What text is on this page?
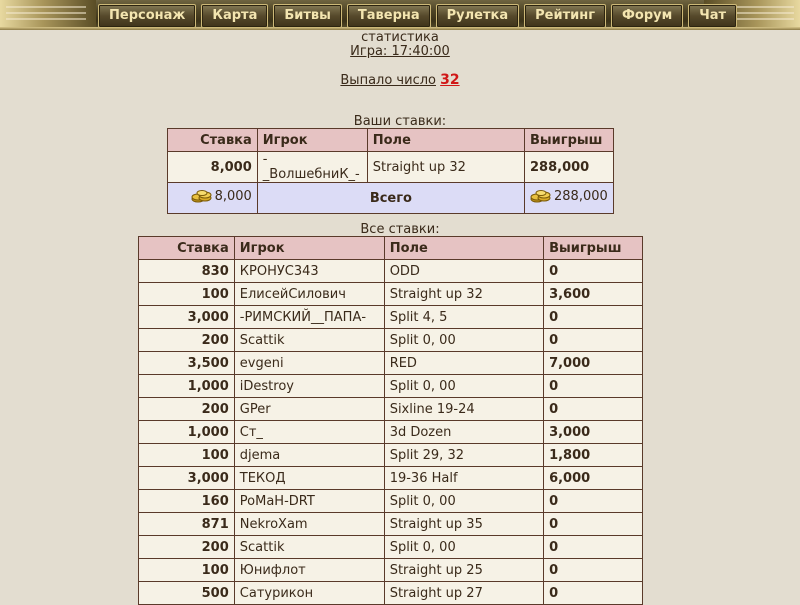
Персонаж	Карта	Битвы	Таверна	Рулетка	Рейтинг	Форум	Чат
статистика
Игра: 17:40:00
Выпало число 32
Ваши ставки:
Ставка	Игрок	Поле	Выигрыш
8,000	-_ВолшебниК_-	Straight up 32	288,000
8,000	Всего		288,000
Все ставки:
Ставка	Игрок	Поле	Выигрыш
830	КРОНУС343	ODD	0
100	ЕлисейСилович	Straight up 32	3,600
3,000	-РИМСКИЙ__ПАПА-	Split 4, 5	0
200	Scattik	Split 0, 00	0
3,500	evgeni	RED	7,000
1,000	iDestroy	Split 0, 00	0
200	GPer	Sixline 19-24	0
1,000	Ст_	3d Dozen	3,000
100	djema	Split 29, 32	1,800
3,000	ТЕКОД	19-36 Half	6,000
160	PoMaH-DRT	Split 0, 00	0
871	NekroXam	Straight up 35	0
200	Scattik	Split 0, 00	0
100	Юнифлот	Straight up 25	0
500	Сатурикон	Straight up 27	0
